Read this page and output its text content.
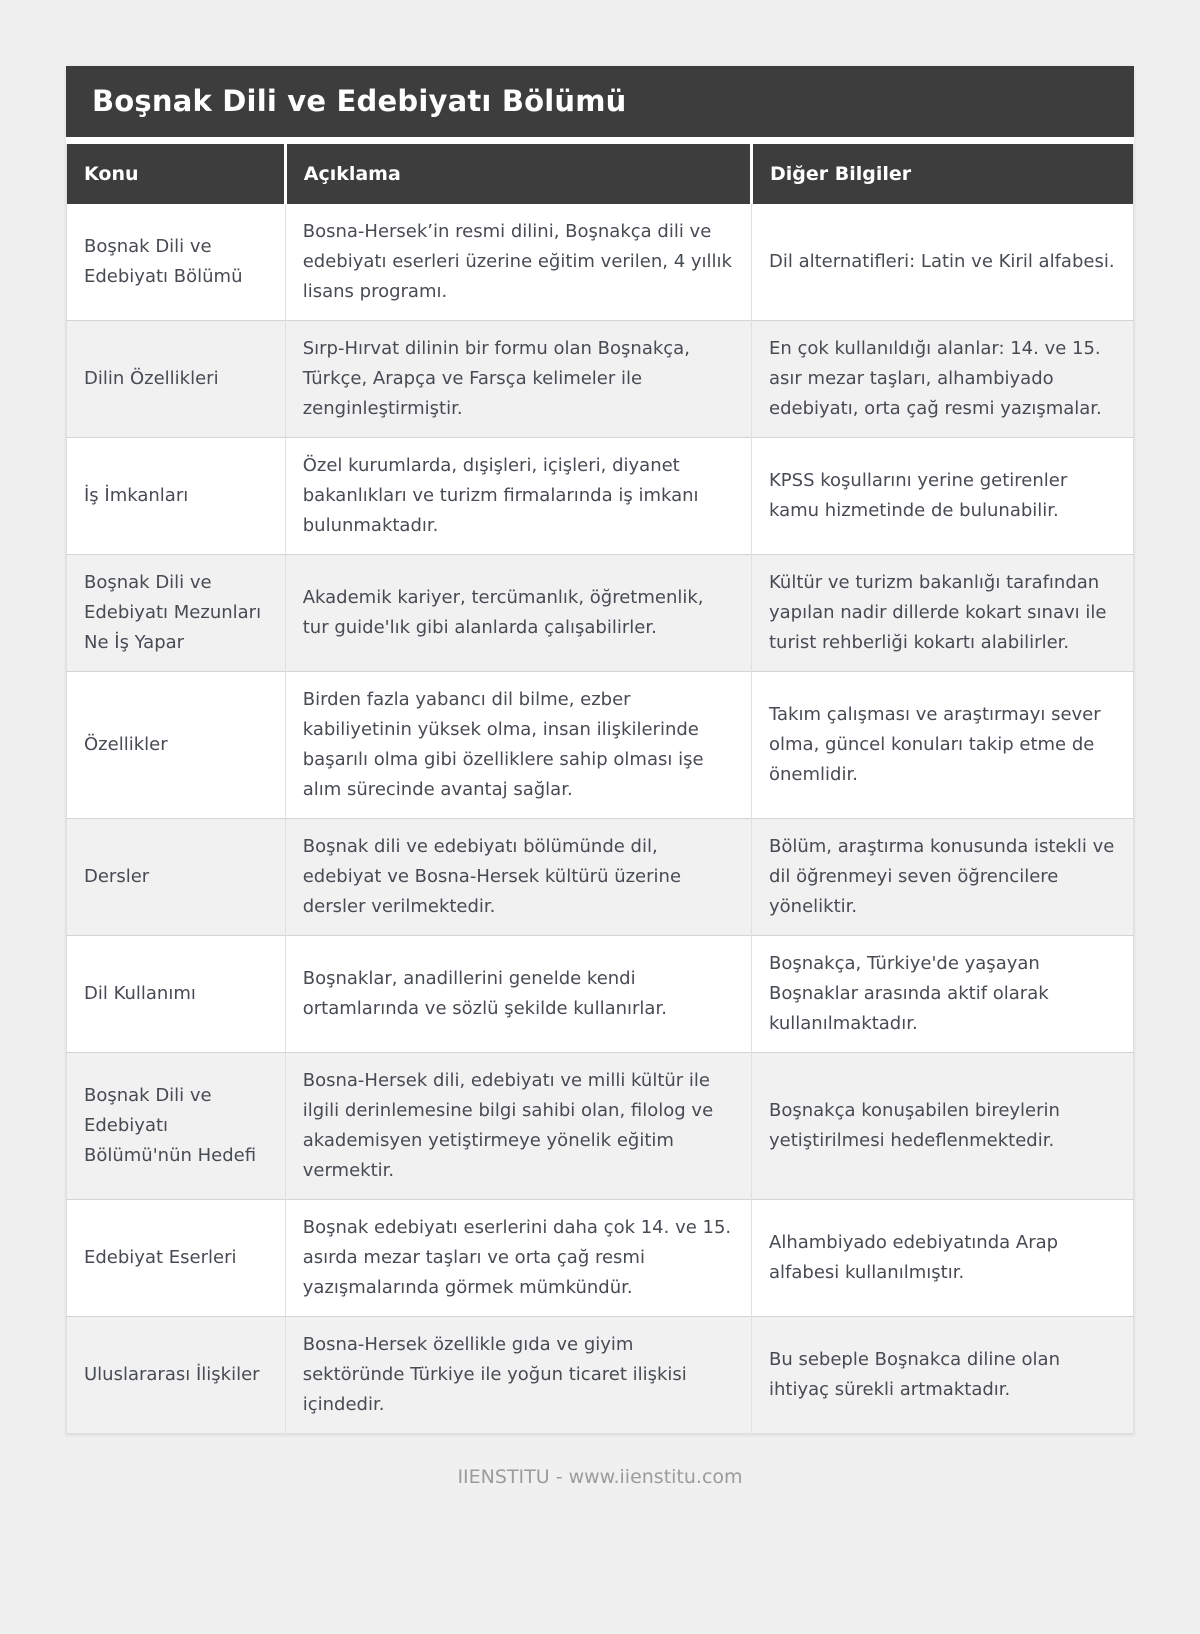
Boşnak Dili ve Edebiyatı Bölümü
Konu	Açıklama	Diğer Bilgiler
Boşnak Dili ve Edebiyatı Bölümü	Bosna-Hersek’in resmi dilini, Boşnakça dili ve edebiyatı eserleri üzerine eğitim verilen, 4 yıllık lisans programı.	Dil alternatifleri: Latin ve Kiril alfabesi.
Dilin Özellikleri	Sırp-Hırvat dilinin bir formu olan Boşnakça, Türkçe, Arapça ve Farsça kelimeler ile zenginleştirmiştir.	En çok kullanıldığı alanlar: 14. ve 15. asır mezar taşları, alhambiyado edebiyatı, orta çağ resmi yazışmalar.
İş İmkanları	Özel kurumlarda, dışişleri, içişleri, diyanet bakanlıkları ve turizm firmalarında iş imkanı bulunmaktadır.	KPSS koşullarını yerine getirenler kamu hizmetinde de bulunabilir.
Boşnak Dili ve Edebiyatı Mezunları Ne İş Yapar	Akademik kariyer, tercümanlık, öğretmenlik, tur guide'lık gibi alanlarda çalışabilirler.	Kültür ve turizm bakanlığı tarafından yapılan nadir dillerde kokart sınavı ile turist rehberliği kokartı alabilirler.
Özellikler	Birden fazla yabancı dil bilme, ezber kabiliyetinin yüksek olma, insan ilişkilerinde başarılı olma gibi özelliklere sahip olması işe alım sürecinde avantaj sağlar.	Takım çalışması ve araştırmayı sever olma, güncel konuları takip etme de önemlidir.
Dersler	Boşnak dili ve edebiyatı bölümünde dil, edebiyat ve Bosna-Hersek kültürü üzerine dersler verilmektedir.	Bölüm, araştırma konusunda istekli ve dil öğrenmeyi seven öğrencilere yöneliktir.
Dil Kullanımı	Boşnaklar, anadillerini genelde kendi ortamlarında ve sözlü şekilde kullanırlar.	Boşnakça, Türkiye'de yaşayan Boşnaklar arasında aktif olarak kullanılmaktadır.
Boşnak Dili ve Edebiyatı Bölümü'nün Hedefi	Bosna-Hersek dili, edebiyatı ve milli kültür ile ilgili derinlemesine bilgi sahibi olan, filolog ve akademisyen yetiştirmeye yönelik eğitim vermektir.	Boşnakça konuşabilen bireylerin yetiştirilmesi hedeflenmektedir.
Edebiyat Eserleri	Boşnak edebiyatı eserlerini daha çok 14. ve 15. asırda mezar taşları ve orta çağ resmi yazışmalarında görmek mümkündür.	Alhambiyado edebiyatında Arap alfabesi kullanılmıştır.
Uluslararası İlişkiler	Bosna-Hersek özellikle gıda ve giyim sektöründe Türkiye ile yoğun ticaret ilişkisi içindedir.	Bu sebeple Boşnakca diline olan ihtiyaç sürekli artmaktadır.
IIENSTITU - www.iienstitu.com
